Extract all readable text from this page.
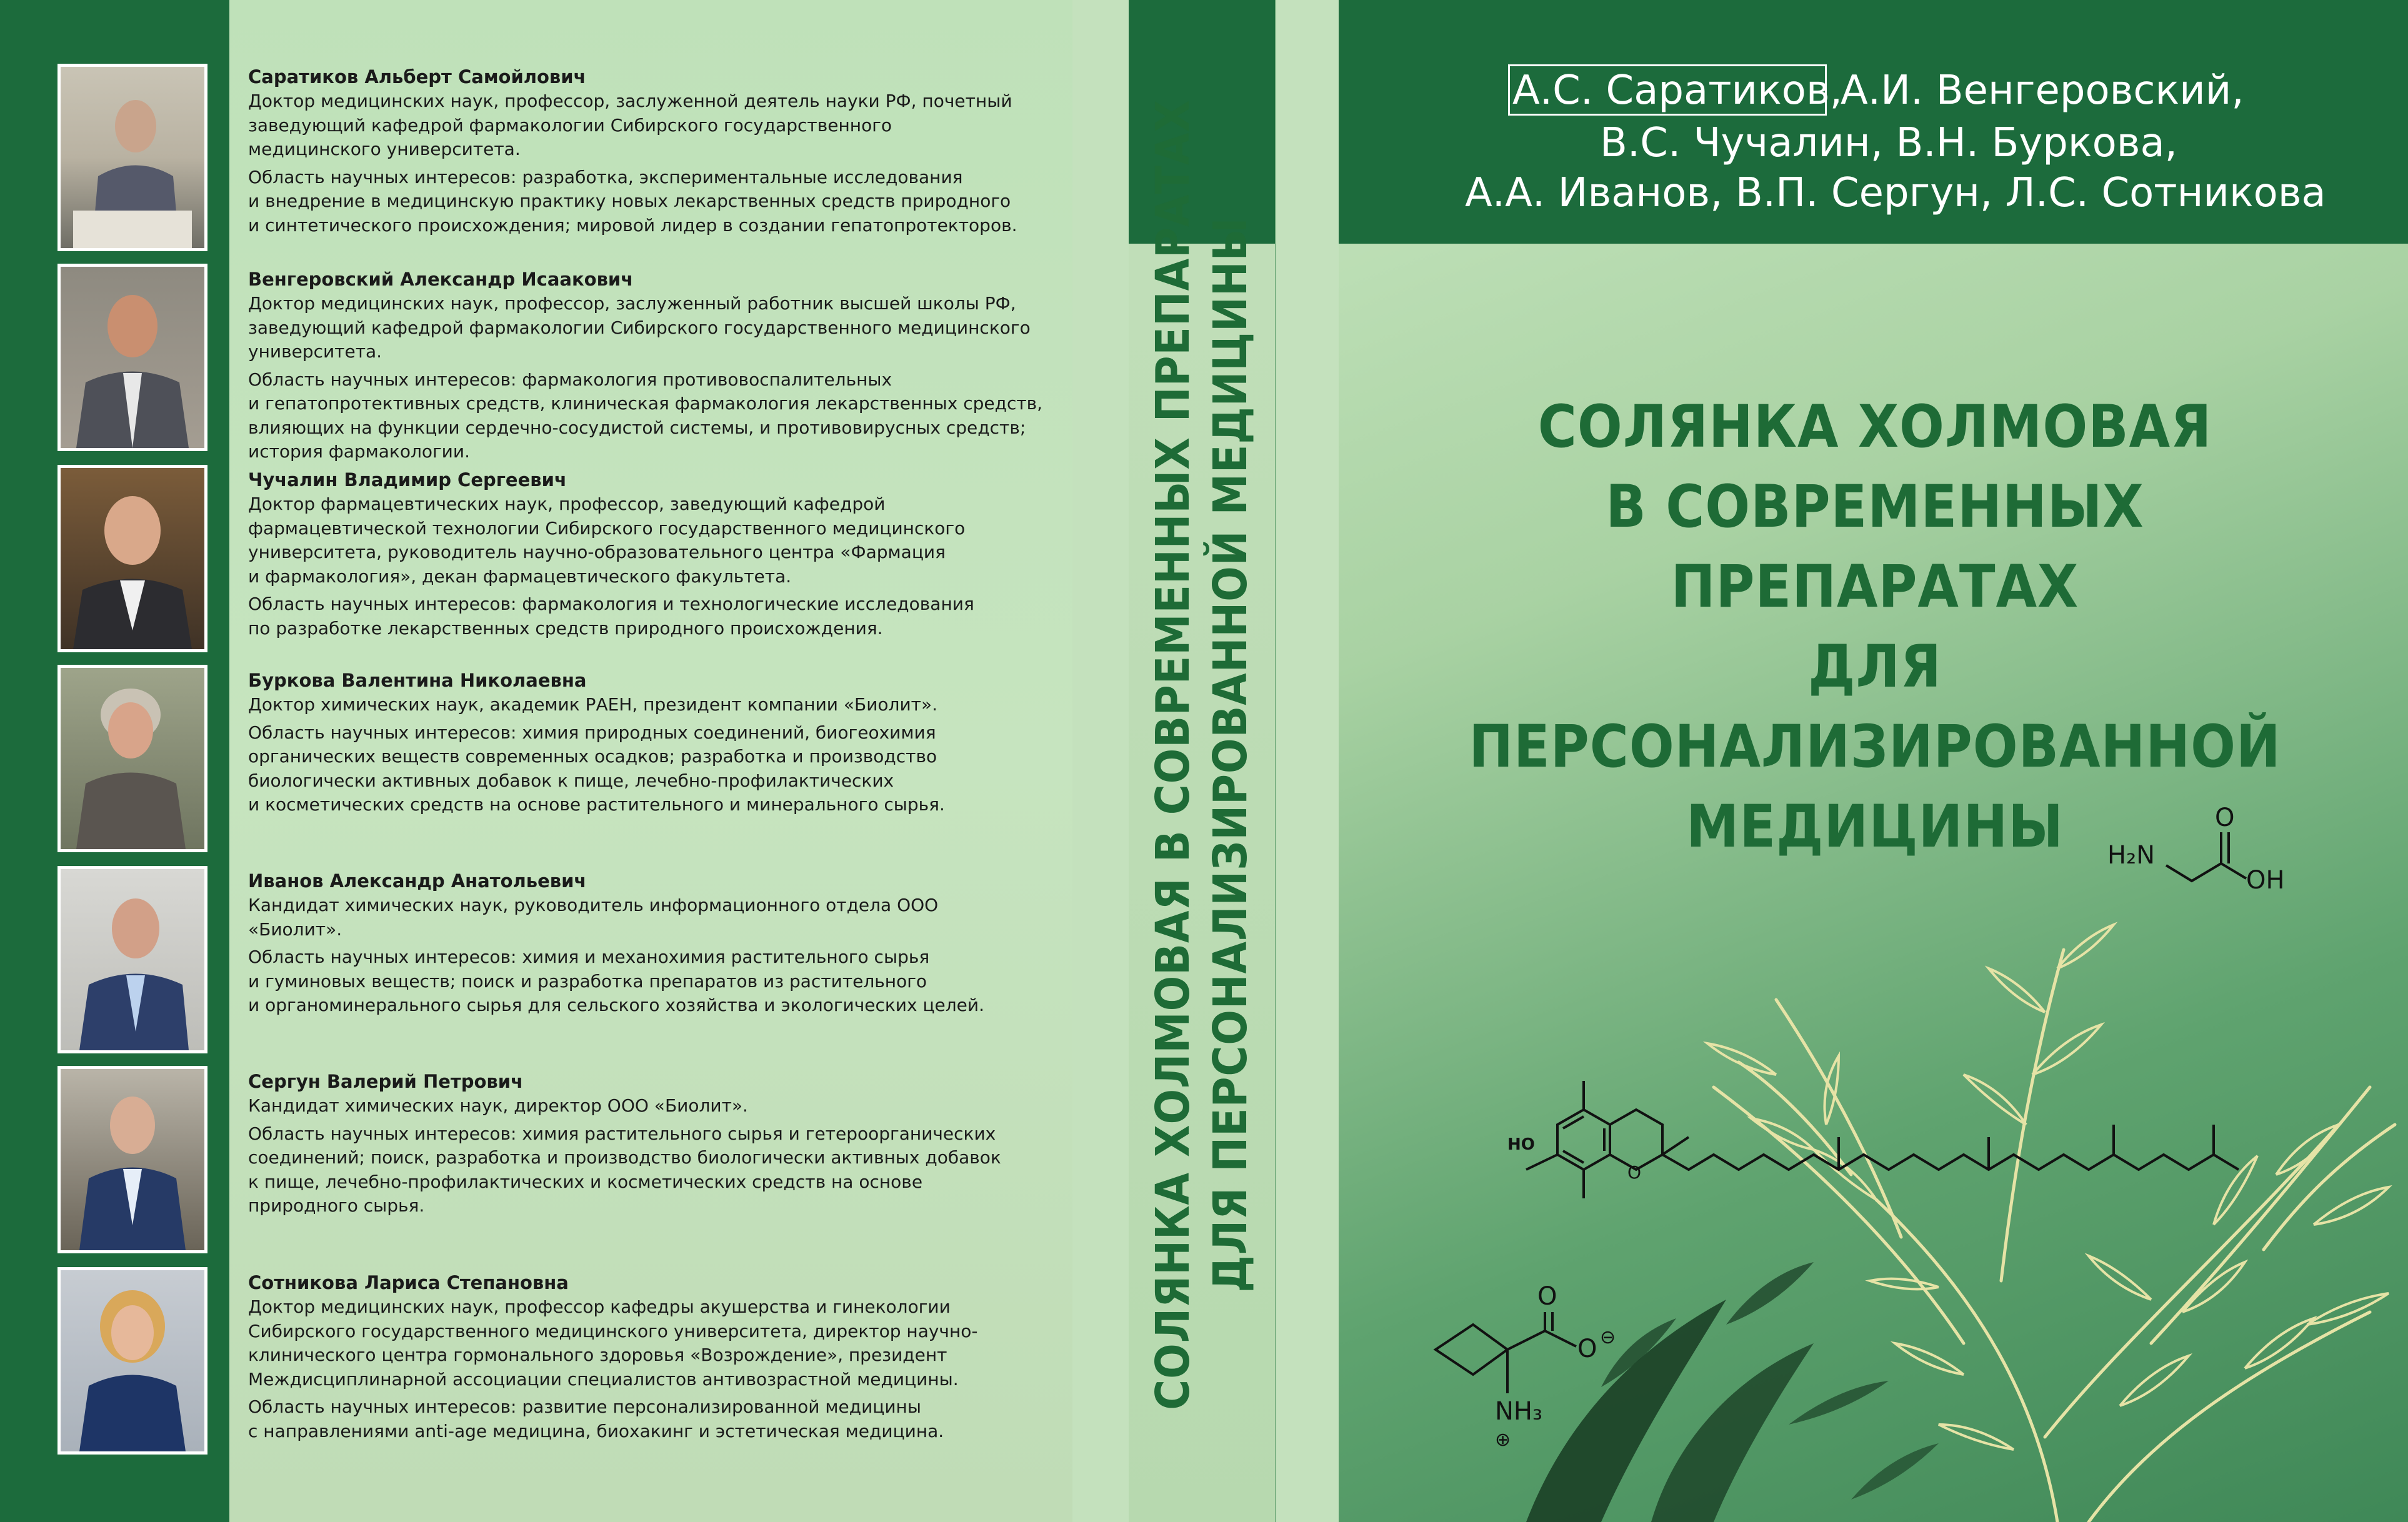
Саратиков Альберт Самойлович
Доктор медицинских наук, профессор, заслуженной деятель науки РФ, почетный
заведующий кафедрой фармакологии Сибирского государственного
медицинского университета.
Область научных интересов: разработка, экспериментальные исследования
и внедрение в медицинскую практику новых лекарственных средств природного
и синтетического происхождения; мировой лидер в создании гепатопротекторов.
Венгеровский Александр Исаакович
Доктор медицинских наук, профессор, заслуженный работник высшей школы РФ,
заведующий кафедрой фармакологии Сибирского государственного медицинского
университета.
Область научных интересов: фармакология противовоспалительных
и гепатопротективных средств, клиническая фармакология лекарственных средств,
влияющих на функции сердечно-сосудистой системы, и противовирусных средств;
история фармакологии.
Чучалин Владимир Сергеевич
Доктор фармацевтических наук, профессор, заведующий кафедрой
фармацевтической технологии Сибирского государственного медицинского
университета, руководитель научно-образовательного центра «Фармация
и фармакология», декан фармацевтического факультета.
Область научных интересов: фармакология и технологические исследования
по разработке лекарственных средств природного происхождения.
Буркова Валентина Николаевна
Доктор химических наук, академик РАЕН, президент компании «Биолит».
Область научных интересов: химия природных соединений, биогеохимия
органических веществ современных осадков; разработка и производство
биологически активных добавок к пище, лечебно-профилактических
и косметических средств на основе растительного и минерального сырья.
Иванов Александр Анатольевич
Кандидат химических наук, руководитель информационного отдела ООО
«Биолит».
Область научных интересов: химия и механохимия растительного сырья
и гуминовых веществ; поиск и разработка препаратов из растительного
и органоминерального сырья для сельского хозяйства и экологических целей.
Сергун Валерий Петрович
Кандидат химических наук, директор ООО «Биолит».
Область научных интересов: химия растительного сырья и гетероорганических
соединений; поиск, разработка и производство биологически активных добавок
к пище, лечебно-профилактических и косметических средств на основе
природного сырья.
Сотникова Лариса Степановна
Доктор медицинских наук, профессор кафедры акушерства и гинекологии
Сибирского государственного медицинского университета, директор научно-
клинического центра гормонального здоровья «Возрождение», президент
Междисциплинарной ассоциации специалистов антивозрастной медицины.
Область научных интересов: развитие персонализированной медицины
с направлениями anti-age медицина, биохакинг и эстетическая медицина.
СОЛЯНКА ХОЛМОВАЯ В СОВРЕМЕННЫХ ПРЕПАРАТАХ ДЛЯ ПЕРСОНАЛИЗИРОВАННОЙ МЕДИЦИНЫ	H₂N
O
OH
HO
O
O
O ⊖
NH₃
⊕
А.С. Саратиков,
А.И. Венгеровский,
В.С. Чучалин, В.Н. Буркова,
А.А. Иванов, В.П. Сергун, Л.С. Сотникова
СОЛЯНКА ХОЛМОВАЯ
В СОВРЕМЕННЫХ ПРЕПАРАТАХ
ДЛЯ ПЕРСОНАЛИЗИРОВАННОЙ
МЕДИЦИНЫ
